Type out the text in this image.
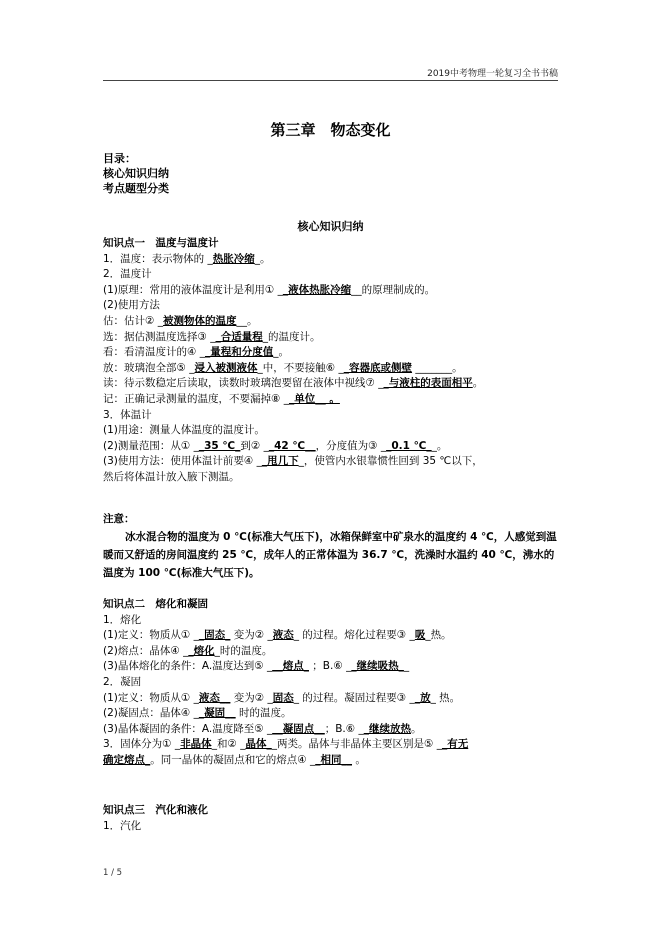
2019中考物理一轮复习全书书稿
第三章　物态变化
目录：
核心知识归纳
考点题型分类
核心知识归纳
知识点一　温度与温度计
1．温度：表示物体的 _热胀冷缩_。
2．温度计
(1)原理：常用的液体温度计是利用① __液体热胀冷缩__的原理制成的。
(2)使用方法
估：估计② _被测物体的温度__。
选：据估测温度选择③ __合适量程_的温度计。
看：看清温度计的④ __量程和分度值_。
放：玻璃泡全部⑤ _浸入被测液体_中，不要接触⑥ __容器底或侧壁 _______。
读：待示数稳定后读取，读数时玻璃泡要留在液体中视线⑦ __与液柱的表面相平。
记：正确记录测量的温度，不要漏掉⑧ __单位__ 。
3．体温计
(1)用途：测量人体温度的温度计。
(2)测量范围：从① __35 ℃_到② __42 ℃__，分度值为③ __0.1 ℃__。
(3)使用方法：使用体温计前要④ __甩几下_，使管内水银靠惯性回到 35 ℃以下，
然后将体温计放入腋下测温。
注意：
冰水混合物的温度为 0 ℃(标准大气压下)，冰箱保鲜室中矿泉水的温度约 4 ℃，人感觉到温暖而又舒适的房间温度约 25 ℃，成年人的正常体温为 36.7 ℃，洗澡时水温约 40 ℃，沸水的温度为 100 ℃(标准大气压下)。
知识点二　熔化和凝固
1．熔化
(1)定义：物质从① __固态_ 变为② _液态_ 的过程。熔化过程要③ _吸_热。
(2)熔点：晶体④ __熔化_时的温度。
(3)晶体熔化的条件：A.温度达到⑤ ___熔点_ ；B.⑥ __继续吸热__
2．凝固
(1)定义：物质从① _液态__ 变为② _固态_ 的过程。凝固过程要③ __放_ 热。
(2)凝固点：晶体④ __凝固__ 时的温度。
(3)晶体凝固的条件：A.温度降至⑤ ___凝固点__；B.⑥ __继续放热。
3．固体分为① _非晶体_和② _晶体__两类。晶体与非晶体主要区别是⑤ __有无
确定熔点_。同一晶体的凝固点和它的熔点④ __相同__ 。
知识点三　汽化和液化
1．汽化
1 / 5
